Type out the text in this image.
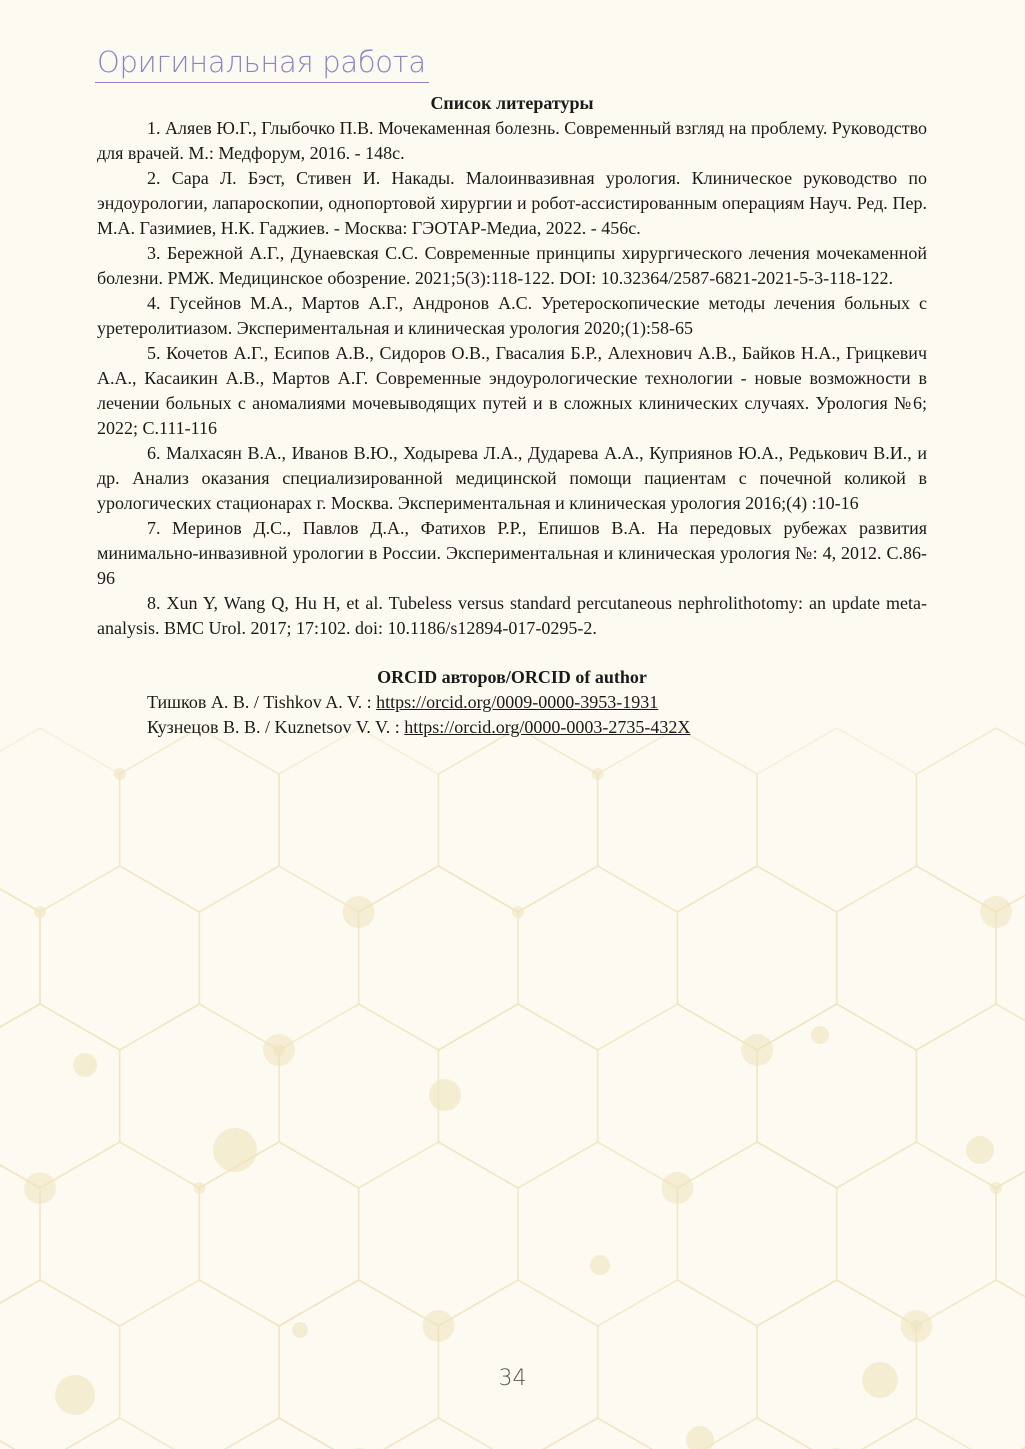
Оригинальная работа

Список литературы

1. Аляев Ю.Г., Глыбочко П.В. Мочекаменная болезнь. Современный взгляд на проблему. Руководство для врачей. М.: Медфорум, 2016. - 148с.

2. Сара Л. Бэст, Стивен И. Накады. Малоинвазивная урология. Клиническое руководство по эндоурологии, лапароскопии, однопортовой хирургии и робот-ассистированным операциям Науч. Ред. Пер. М.А. Газимиев, Н.К. Гаджиев. - Москва: ГЭОТАР-Медиа, 2022. - 456с.

3. Бережной А.Г., Дунаевская С.С. Современные принципы хирургического лечения мочекаменной болезни. РМЖ. Медицинское обозрение. 2021;5(3):118-122. DOI: 10.32364/2587-6821-2021-5-3-118-122.

4. Гусейнов М.А., Мартов А.Г., Андронов А.С. Уретероскопические методы лечения больных с уретеролитиазом. Экспериментальная и клиническая урология 2020;(1):58-65

5. Кочетов А.Г., Есипов А.В., Сидоров О.В., Гвасалия Б.Р., Алехнович А.В., Байков Н.А., Грицкевич А.А., Касаикин А.В., Мартов А.Г. Современные эндоурологические технологии - новые возможности в лечении больных с аномалиями мочевыводящих путей и в сложных клинических случаях. Урология №6; 2022; С.111-116

6. Малхасян В.А., Иванов В.Ю., Ходырева Л.А., Дударева А.А., Куприянов Ю.А., Редькович В.И., и др. Анализ оказания специализированной медицинской помощи пациентам с почечной коликой в урологических стационарах г. Москва. Экспериментальная и клиническая урология 2016;(4) :10-16

7. Меринов Д.С., Павлов Д.А., Фатихов Р.Р., Епишов В.А. На передовых рубежах развития минимально-инвазивной урологии в России. Экспериментальная и клиническая урология №: 4, 2012. С.86-96

8. Xun Y, Wang Q, Hu H, et al. Tubeless versus standard percutaneous nephrolithotomy: an update meta-analysis. BMC Urol. 2017; 17:102. doi: 10.1186/s12894-017-0295-2.

ORCID авторов/ORCID of author

Тишков А. В. / Tishkov A. V. : https://orcid.org/0009-0000-3953-1931

Кузнецов В. В. / Kuznetsov V. V. : https://orcid.org/0000-0003-2735-432X

34
